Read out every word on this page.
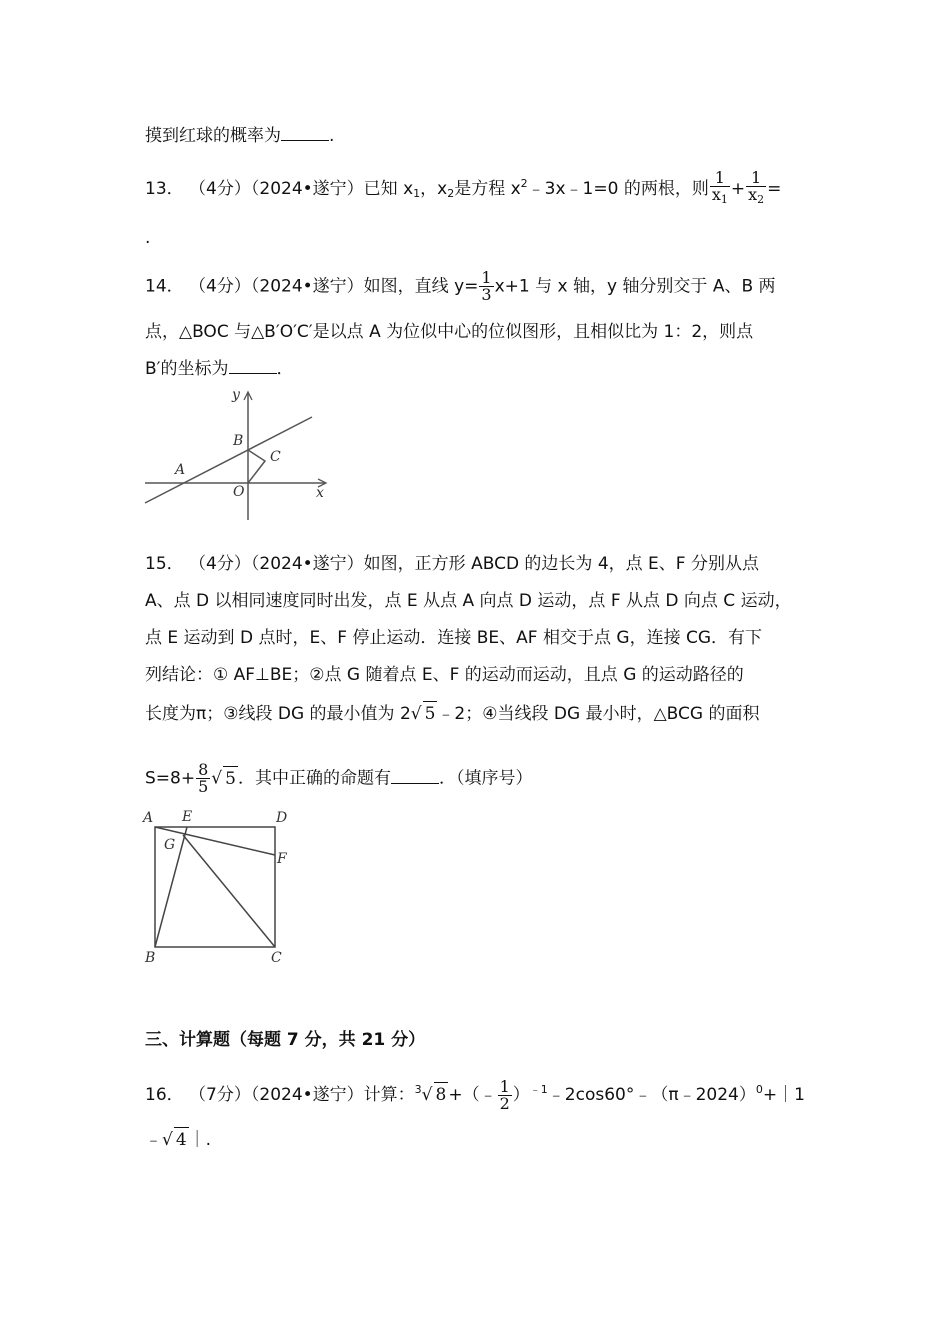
摸到红球的概率为	.
13． （4分）（2024•遂宁）已知 $x_1$，$x_2$是方程 $x^2﹣3x﹣1=0$ 的两根，则 $\frac{1}{x_1} + \frac{1}{x_2}$ =
.
14． （4分）（2024•遂宁）如图，直线 $y= \frac{1}{3} x+1$ 与 x 轴，y 轴分别交于 A、B 两
点，△BOC 与△B′O′C′是以点 A 为位似中心的位似图形，且相似比为 1：2，则点
B′的坐标为	．
y
x
B
C
A
O
15． （4分）（2024•遂宁）如图，正方形 ABCD 的边长为 4，点 E、F 分别从点
A、点 D 以相同速度同时出发，点 E 从点 A 向点 D 运动，点 F 从点 D 向点 C 运动，
点 E 运动到 D 点时，E、F 停止运动．连接 BE、AF 相交于点 G，连接 CG．有下
列结论：① AF⊥BE；②点 G 随着点 E、F 的运动而运动，且点 G 的运动路径的
长度为π；③线段 DG 的最小值为 2√ 5 ﹣2；④当线段 DG 最小时，△BCG 的面积
$S=8+ \frac{8}{5}$ √ 5 ．其中正确的命题有	．（填序号）
A E	D
G
F
B	C
三、计算题（每题 7 分，共 21 分）
16． （7分）（2024•遂宁）计算：$^3$√ 8 +（﹣ $\frac{1}{2}$ ）$^{﹣1}$﹣2cos60°﹣（π﹣2024）$^0$+｜1
﹣√ 4 ｜.
